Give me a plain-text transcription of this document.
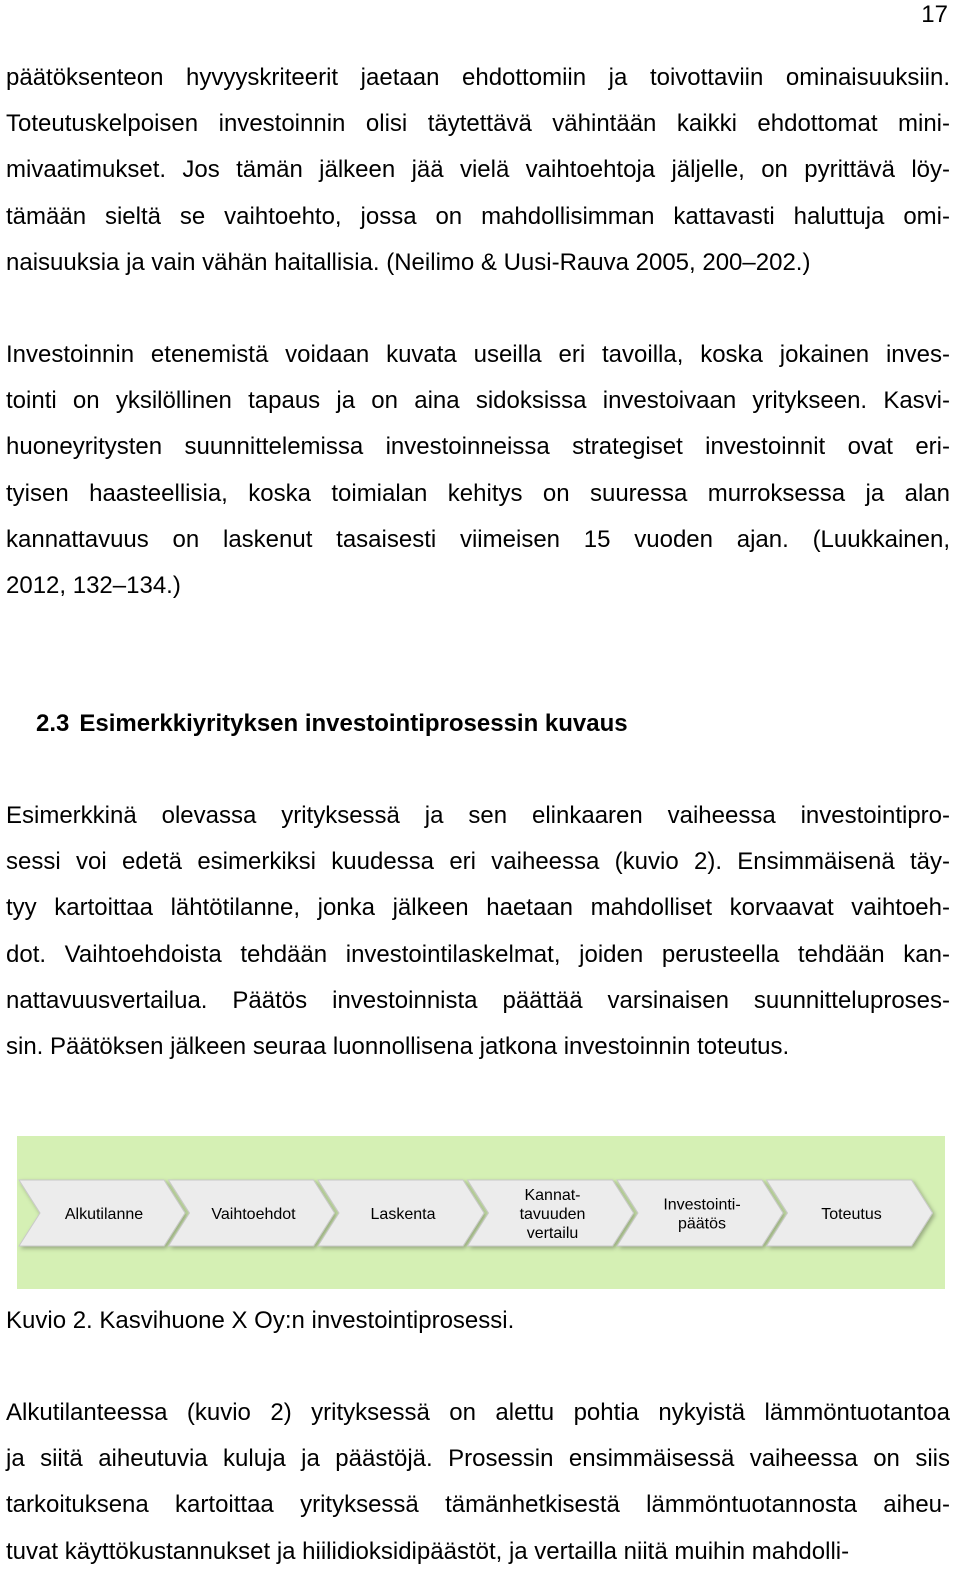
17
päätöksenteon hyvyyskriteerit jaetaan ehdottomiin ja toivottaviin ominaisuuksiin.
Toteutuskelpoisen investoinnin olisi täytettävä vähintään kaikki ehdottomat mini-
mivaatimukset. Jos tämän jälkeen jää vielä vaihtoehtoja jäljelle, on pyrittävä löy-
tämään sieltä se vaihtoehto, jossa on mahdollisimman kattavasti haluttuja omi-
naisuuksia ja vain vähän haitallisia. (Neilimo & Uusi-Rauva 2005, 200–202.)
Investoinnin etenemistä voidaan kuvata useilla eri tavoilla, koska jokainen inves-
tointi on yksilöllinen tapaus ja on aina sidoksissa investoivaan yritykseen. Kasvi-
huoneyritysten suunnittelemissa investoinneissa strategiset investoinnit ovat eri-
tyisen haasteellisia, koska toimialan kehitys on suuressa murroksessa ja alan
kannattavuus on laskenut tasaisesti viimeisen 15 vuoden ajan. (Luukkainen,
2012, 132–134.)
2.3 Esimerkkiyrityksen investointiprosessin kuvaus
Esimerkkinä olevassa yrityksessä ja sen elinkaaren vaiheessa investointipro-
sessi voi edetä esimerkiksi kuudessa eri vaiheessa (kuvio 2). Ensimmäisenä täy-
tyy kartoittaa lähtötilanne, jonka jälkeen haetaan mahdolliset korvaavat vaihtoeh-
dot. Vaihtoehdoista tehdään investointilaskelmat, joiden perusteella tehdään kan-
nattavuusvertailua. Päätös investoinnista päättää varsinaisen suunnitteluproses-
sin. Päätöksen jälkeen seuraa luonnollisena jatkona investoinnin toteutus.
Alkutilanne	Vaihtoehdot	Laskenta
Kannat-
tavuuden
vertailu
Investointi-
päätös
Toteutus
Kuvio 2. Kasvihuone X Oy:n investointiprosessi.
Alkutilanteessa (kuvio 2) yrityksessä on alettu pohtia nykyistä lämmöntuotantoa
ja siitä aiheutuvia kuluja ja päästöjä. Prosessin ensimmäisessä vaiheessa on siis
tarkoituksena kartoittaa yrityksessä tämänhetkisestä lämmöntuotannosta aiheu-
tuvat käyttökustannukset ja hiilidioksidipäästöt, ja vertailla niitä muihin mahdolli-
